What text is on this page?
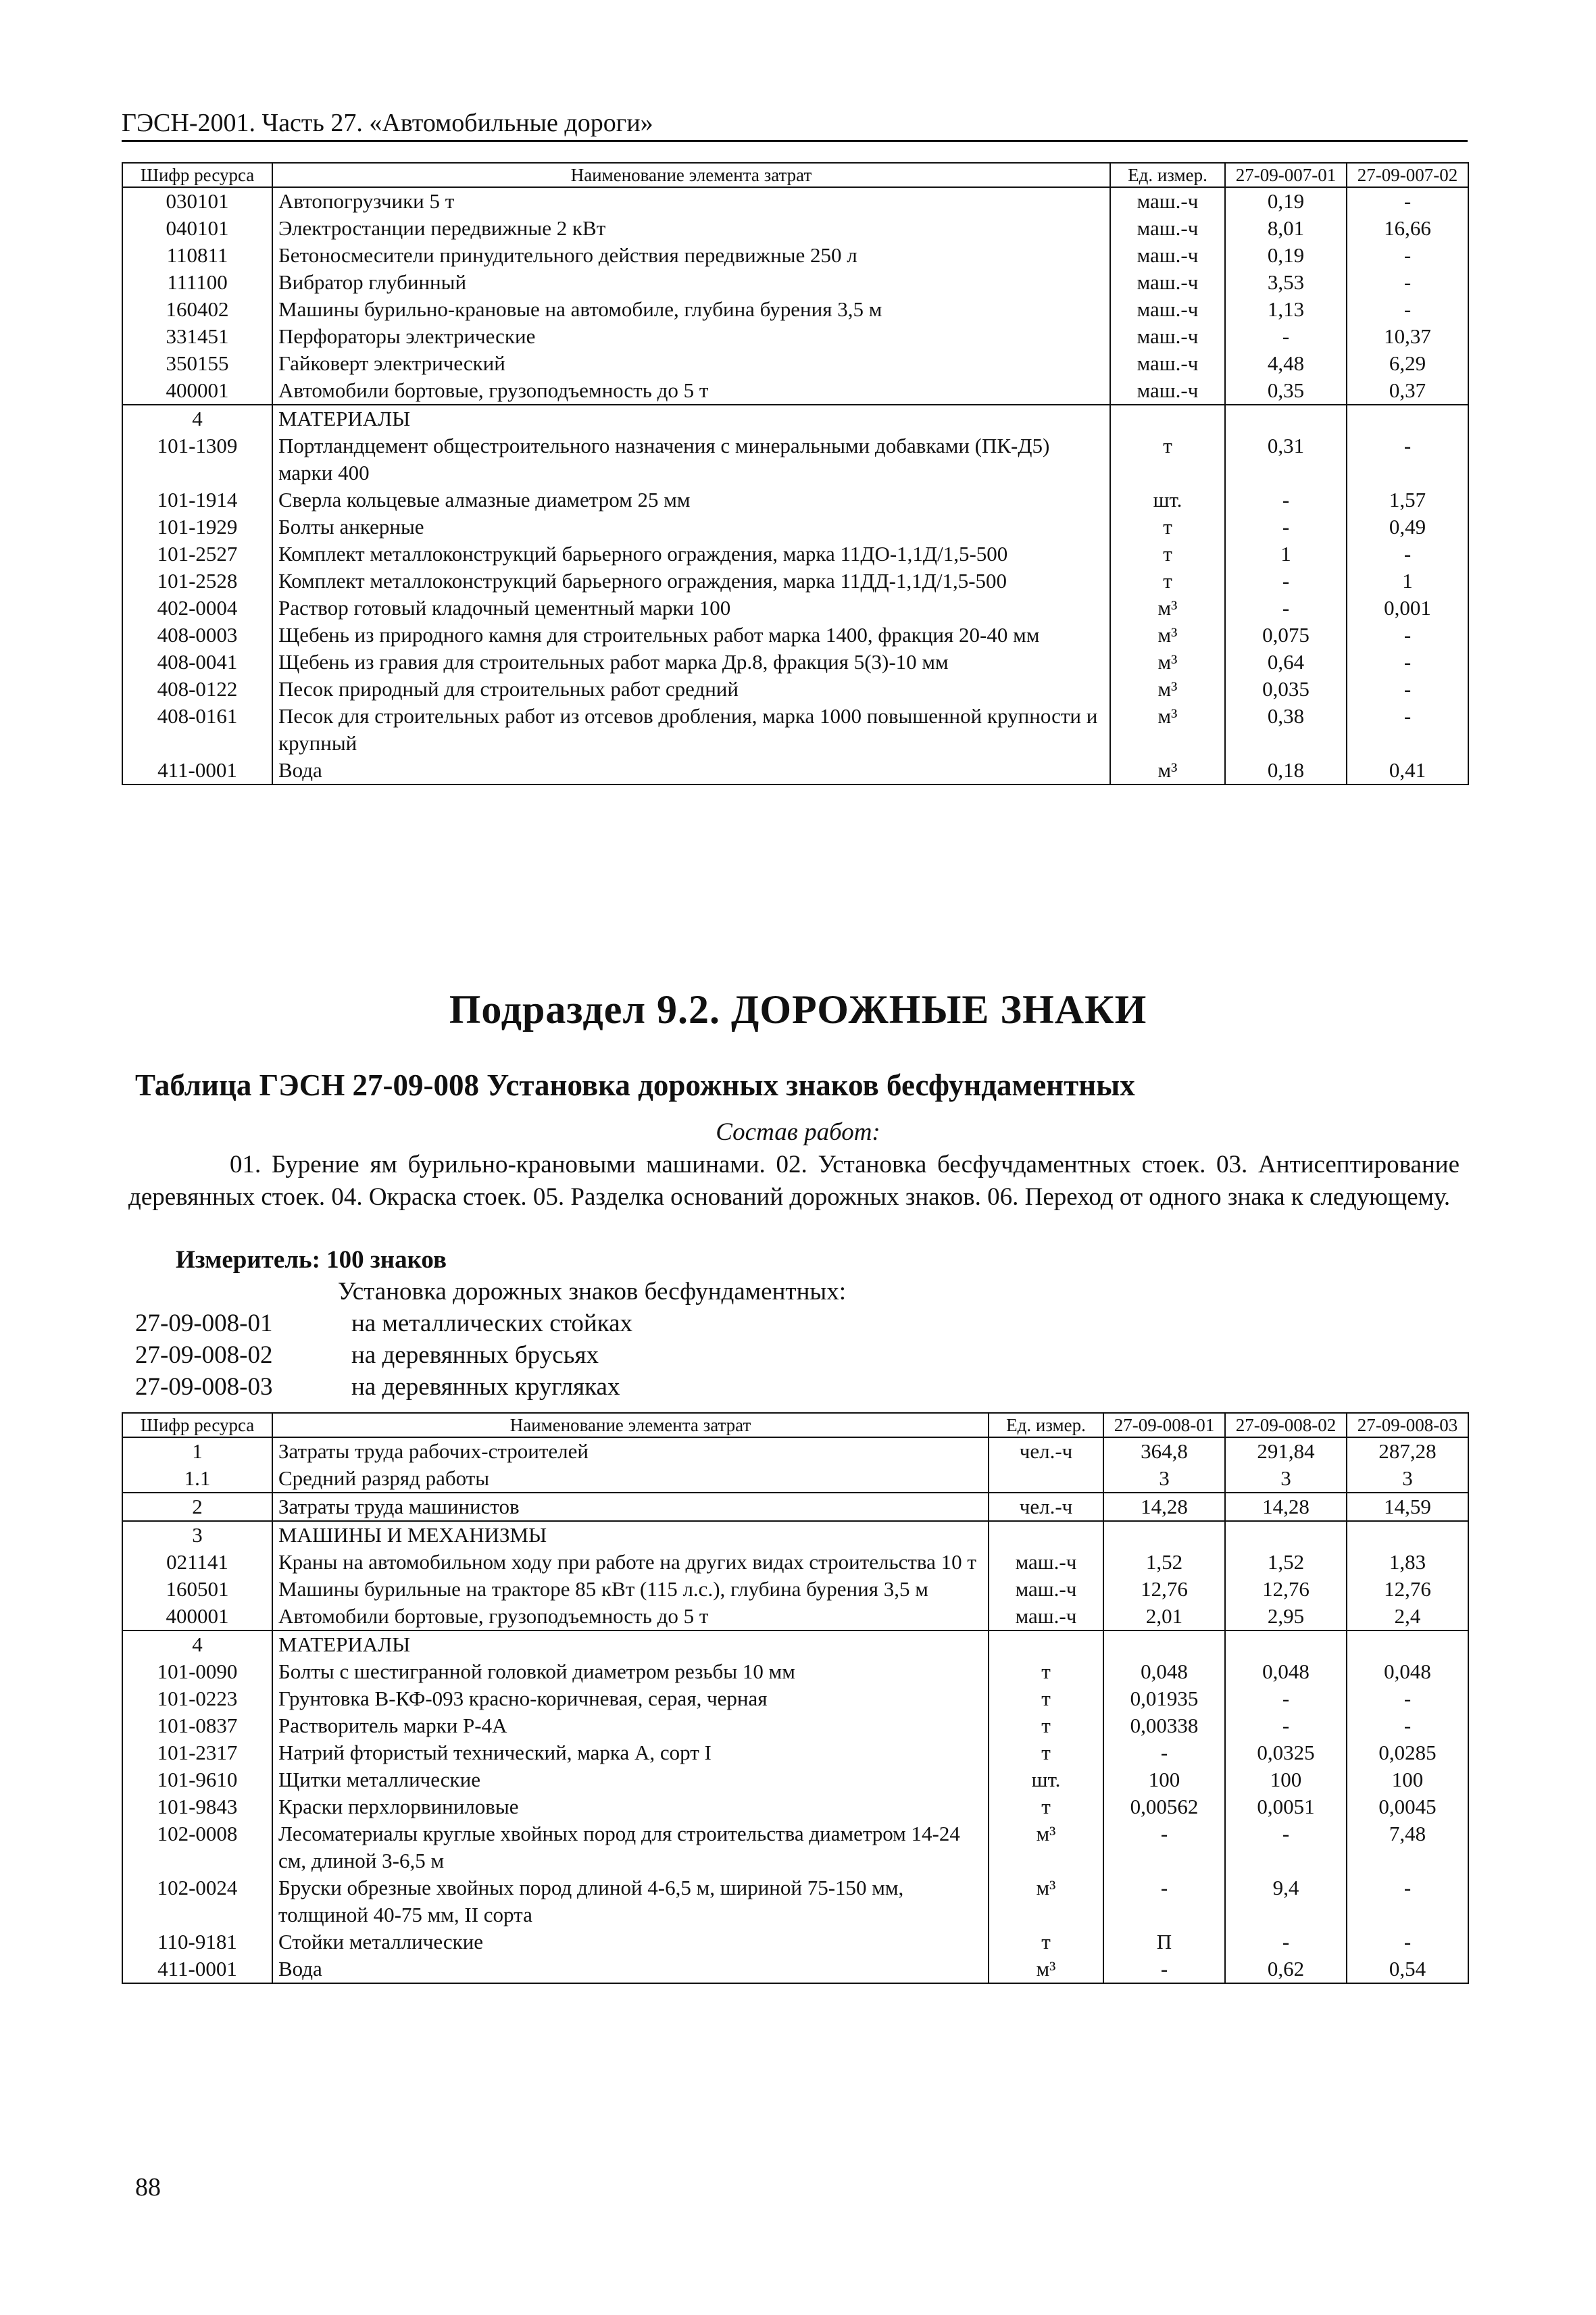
ГЭСН-2001. Часть 27. «Автомобильные дороги»
Шифр ресурса	Наименование элемента затрат	Ед. измер.	27-09-007-01	27-09-007-02
030101	Автопогрузчики 5 т	маш.-ч	0,19	-
040101	Электростанции передвижные 2 кВт	маш.-ч	8,01	16,66
110811	Бетоносмесители принудительного действия передвижные 250 л	маш.-ч	0,19	-
111100	Вибратор глубинный	маш.-ч	3,53	-
160402	Машины бурильно-крановые на автомобиле, глубина бурения 3,5 м	маш.-ч	1,13	-
331451	Перфораторы электрические	маш.-ч	-	10,37
350155	Гайковерт электрический	маш.-ч	4,48	6,29
400001	Автомобили бортовые, грузоподъемность до 5 т	маш.-ч	0,35	0,37
4	МАТЕРИАЛЫ			
101-1309	Портландцемент общестроительного назначения с минеральными добавками (ПК-Д5) марки 400	т	0,31	-
101-1914	Сверла кольцевые алмазные диаметром 25 мм	шт.	-	1,57
101-1929	Болты анкерные	т	-	0,49
101-2527	Комплект металлоконструкций барьерного ограждения, марка 11ДО-1,1Д/1,5-500	т	1	-
101-2528	Комплект металлоконструкций барьерного ограждения, марка 11ДД-1,1Д/1,5-500	т	-	1
402-0004	Раствор готовый кладочный цементный марки 100	м³	-	0,001
408-0003	Щебень из природного камня для строительных работ марка 1400, фракция 20-40 мм	м³	0,075	-
408-0041	Щебень из гравия для строительных работ марка Др.8, фракция 5(3)-10 мм	м³	0,64	-
408-0122	Песок природный для строительных работ средний	м³	0,035	-
408-0161	Песок для строительных работ из отсевов дробления, марка 1000 повышенной крупности и крупный	м³	0,38	-
411-0001	Вода	м³	0,18	0,41
Подраздел 9.2. ДОРОЖНЫЕ ЗНАКИ
Таблица ГЭСН 27-09-008 Установка дорожных знаков бесфундаментных
Состав работ:
01. Бурение ям бурильно-крановыми машинами. 02. Установка бесфучдаментных стоек. 03. Антисептирование деревянных стоек. 04. Окраска стоек. 05. Разделка оснований дорожных знаков. 06. Переход от одного знака к следующему.
Измеритель: 100 знаков
Установка дорожных знаков бесфундаментных:
27-09-008-01	на металлических стойках
27-09-008-02	на деревянных брусьях
27-09-008-03	на деревянных кругляках
Шифр ресурса	Наименование элемента затрат	Ед. измер.	27-09-008-01	27-09-008-02	27-09-008-03
1	Затраты труда рабочих-строителей	чел.-ч	364,8	291,84	287,28
1.1	Средний разряд работы		3	3	3
2	Затраты труда машинистов	чел.-ч	14,28	14,28	14,59
3	МАШИНЫ И МЕХАНИЗМЫ				
021141	Краны на автомобильном ходу при работе на других видах строительства 10 т	маш.-ч	1,52	1,52	1,83
160501	Машины бурильные на тракторе 85 кВт (115 л.с.), глубина бурения 3,5 м	маш.-ч	12,76	12,76	12,76
400001	Автомобили бортовые, грузоподъемность до 5 т	маш.-ч	2,01	2,95	2,4
4	МАТЕРИАЛЫ				
101-0090	Болты с шестигранной головкой диаметром резьбы 10 мм	т	0,048	0,048	0,048
101-0223	Грунтовка В-КФ-093 красно-коричневая, серая, черная	т	0,01935	-	-
101-0837	Растворитель марки Р-4А	т	0,00338	-	-
101-2317	Натрий фтористый технический, марка А, сорт I	т	-	0,0325	0,0285
101-9610	Щитки металлические	шт.	100	100	100
101-9843	Краски перхлорвиниловые	т	0,00562	0,0051	0,0045
102-0008	Лесоматериалы круглые хвойных пород для строительства диаметром 14-24 см, длиной 3-6,5 м	м³	-	-	7,48
102-0024	Бруски обрезные хвойных пород длиной 4-6,5 м, шириной 75-150 мм, толщиной 40-75 мм, II сорта	м³	-	9,4	-
110-9181	Стойки металлические	т	П	-	-
411-0001	Вода	м³	-	0,62	0,54
88
